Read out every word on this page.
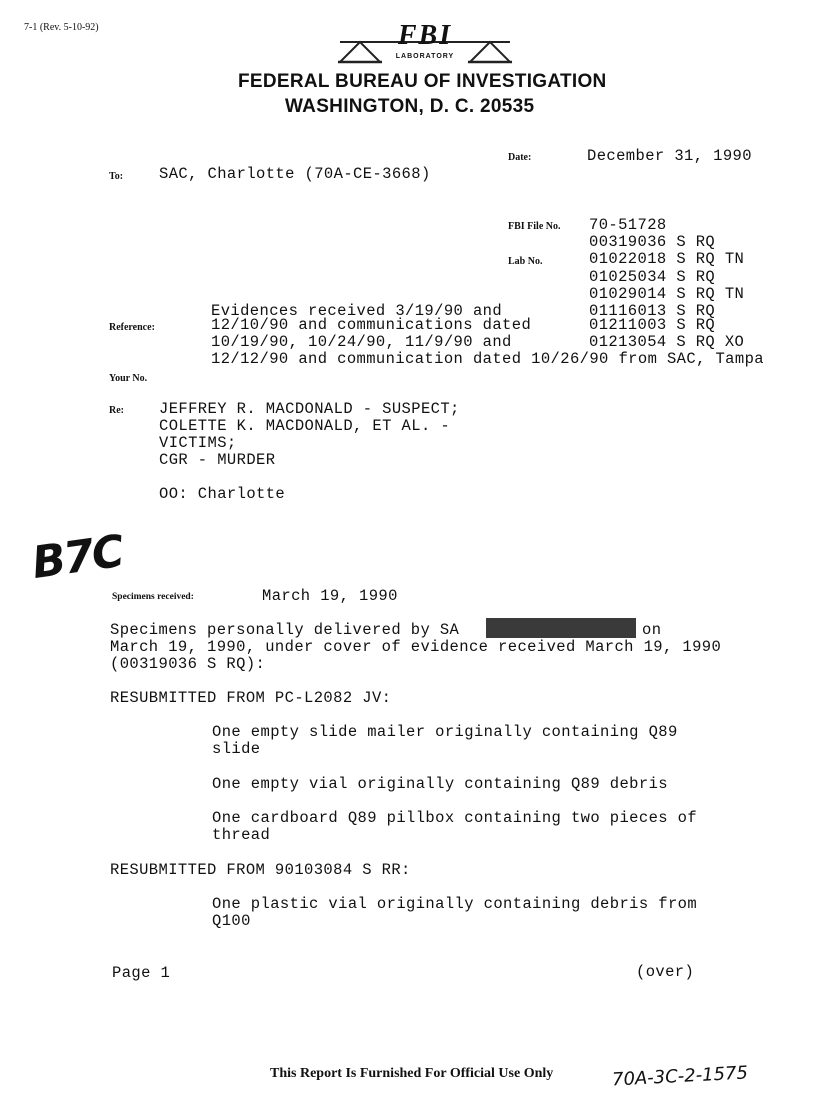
7-1 (Rev. 5-10-92)	FBI
LABORATORY
FEDERAL BUREAU OF INVESTIGATION
WASHINGTON, D. C. 20535
Date:	December 31, 1990
To: SAC, Charlotte (70A-CE-3668)
FBI File No. 70-51728
Lab No.
00319036 S RQ
01022018 S RQ TN
01025034 S RQ
01029014 S RQ TN
01116013 S RQ
01211003 S RQ
01213054 S RQ XO
Reference:
Evidences received 3/19/90 and
12/10/90 and communications dated
10/19/90, 10/24/90, 11/9/90 and
12/12/90 and communication dated 10/26/90 from SAC, Tampa
Your No.
Re: JEFFREY R. MACDONALD - SUSPECT;
COLETTE K. MACDONALD, ET AL. -
VICTIMS;
CGR - MURDER
OO: Charlotte
B7C
Specimens received:	March 19, 1990
Specimens personally delivered by SA	on
March 19, 1990, under cover of evidence received March 19, 1990
(00319036 S RQ):
RESUBMITTED FROM PC-L2082 JV:
One empty slide mailer originally containing Q89
slide
One empty vial originally containing Q89 debris
One cardboard Q89 pillbox containing two pieces of
thread
RESUBMITTED FROM 90103084 S RR:
One plastic vial originally containing debris from
Q100
Page 1	(over)
This Report Is Furnished For Official Use Only	70A-3C-2-1575
